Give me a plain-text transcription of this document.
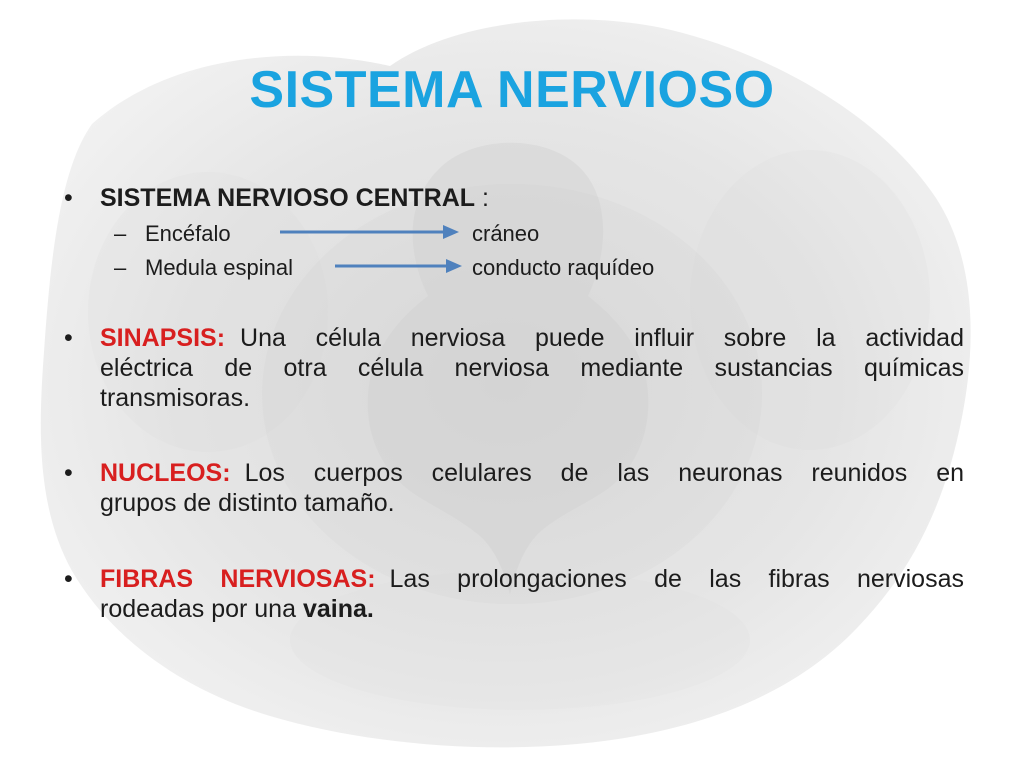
SISTEMA NERVIOSO
•	SISTEMA NERVIOSO CENTRAL :
– Encéfalo	cráneo
– Medula espinal	conducto raquídeo
•	SINAPSIS: Una célula nerviosa puede influir sobre la actividad
eléctrica de otra célula nerviosa mediante sustancias químicas
transmisoras.
•	NUCLEOS: Los cuerpos celulares de las neuronas reunidos en
grupos de distinto tamaño.
•	FIBRAS NERVIOSAS: Las prolongaciones de las fibras nerviosas
rodeadas por una vaina.
